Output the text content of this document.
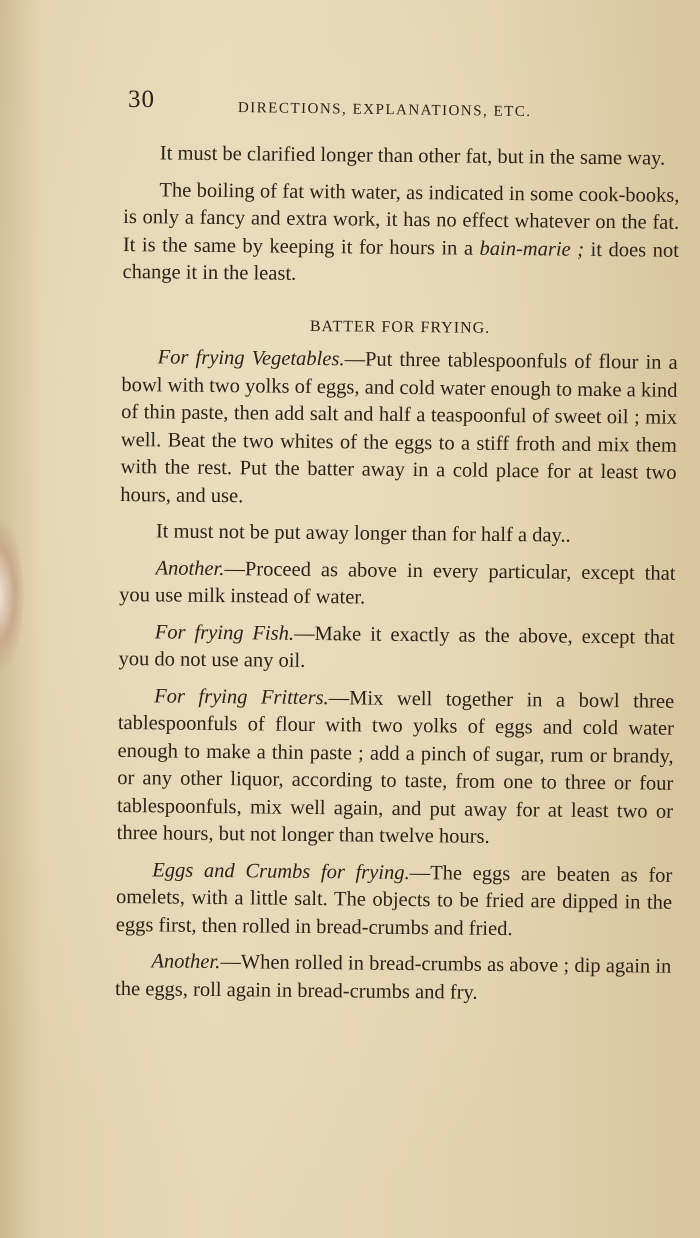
30	DIRECTIONS, EXPLANATIONS, ETC.

It must be clarified longer than other fat, but in the same way.

The boiling of fat with water, as indicated in some cook-books, is only a fancy and extra work, it has no effect whatever on the fat. It is the same by keeping it for hours in a bain-marie ; it does not change it in the least.

BATTER FOR FRYING.

For frying Vegetables.—Put three tablespoonfuls of flour in a bowl with two yolks of eggs, and cold water enough to make a kind of thin paste, then add salt and half a teaspoonful of sweet oil ; mix well. Beat the two whites of the eggs to a stiff froth and mix them with the rest. Put the batter away in a cold place for at least two hours, and use.

It must not be put away longer than for half a day..

Another.—Proceed as above in every particular, except that you use milk instead of water.

For frying Fish.—Make it exactly as the above, except that you do not use any oil.

For frying Fritters.—Mix well together in a bowl three tablespoonfuls of flour with two yolks of eggs and cold water enough to make a thin paste ; add a pinch of sugar, rum or brandy, or any other liquor, according to taste, from one to three or four tablespoonfuls, mix well again, and put away for at least two or three hours, but not longer than twelve hours.

Eggs and Crumbs for frying.—The eggs are beaten as for omelets, with a little salt. The objects to be fried are dipped in the eggs first, then rolled in bread-crumbs and fried.

Another.—When rolled in bread-crumbs as above ; dip again in the eggs, roll again in bread-crumbs and fry.
